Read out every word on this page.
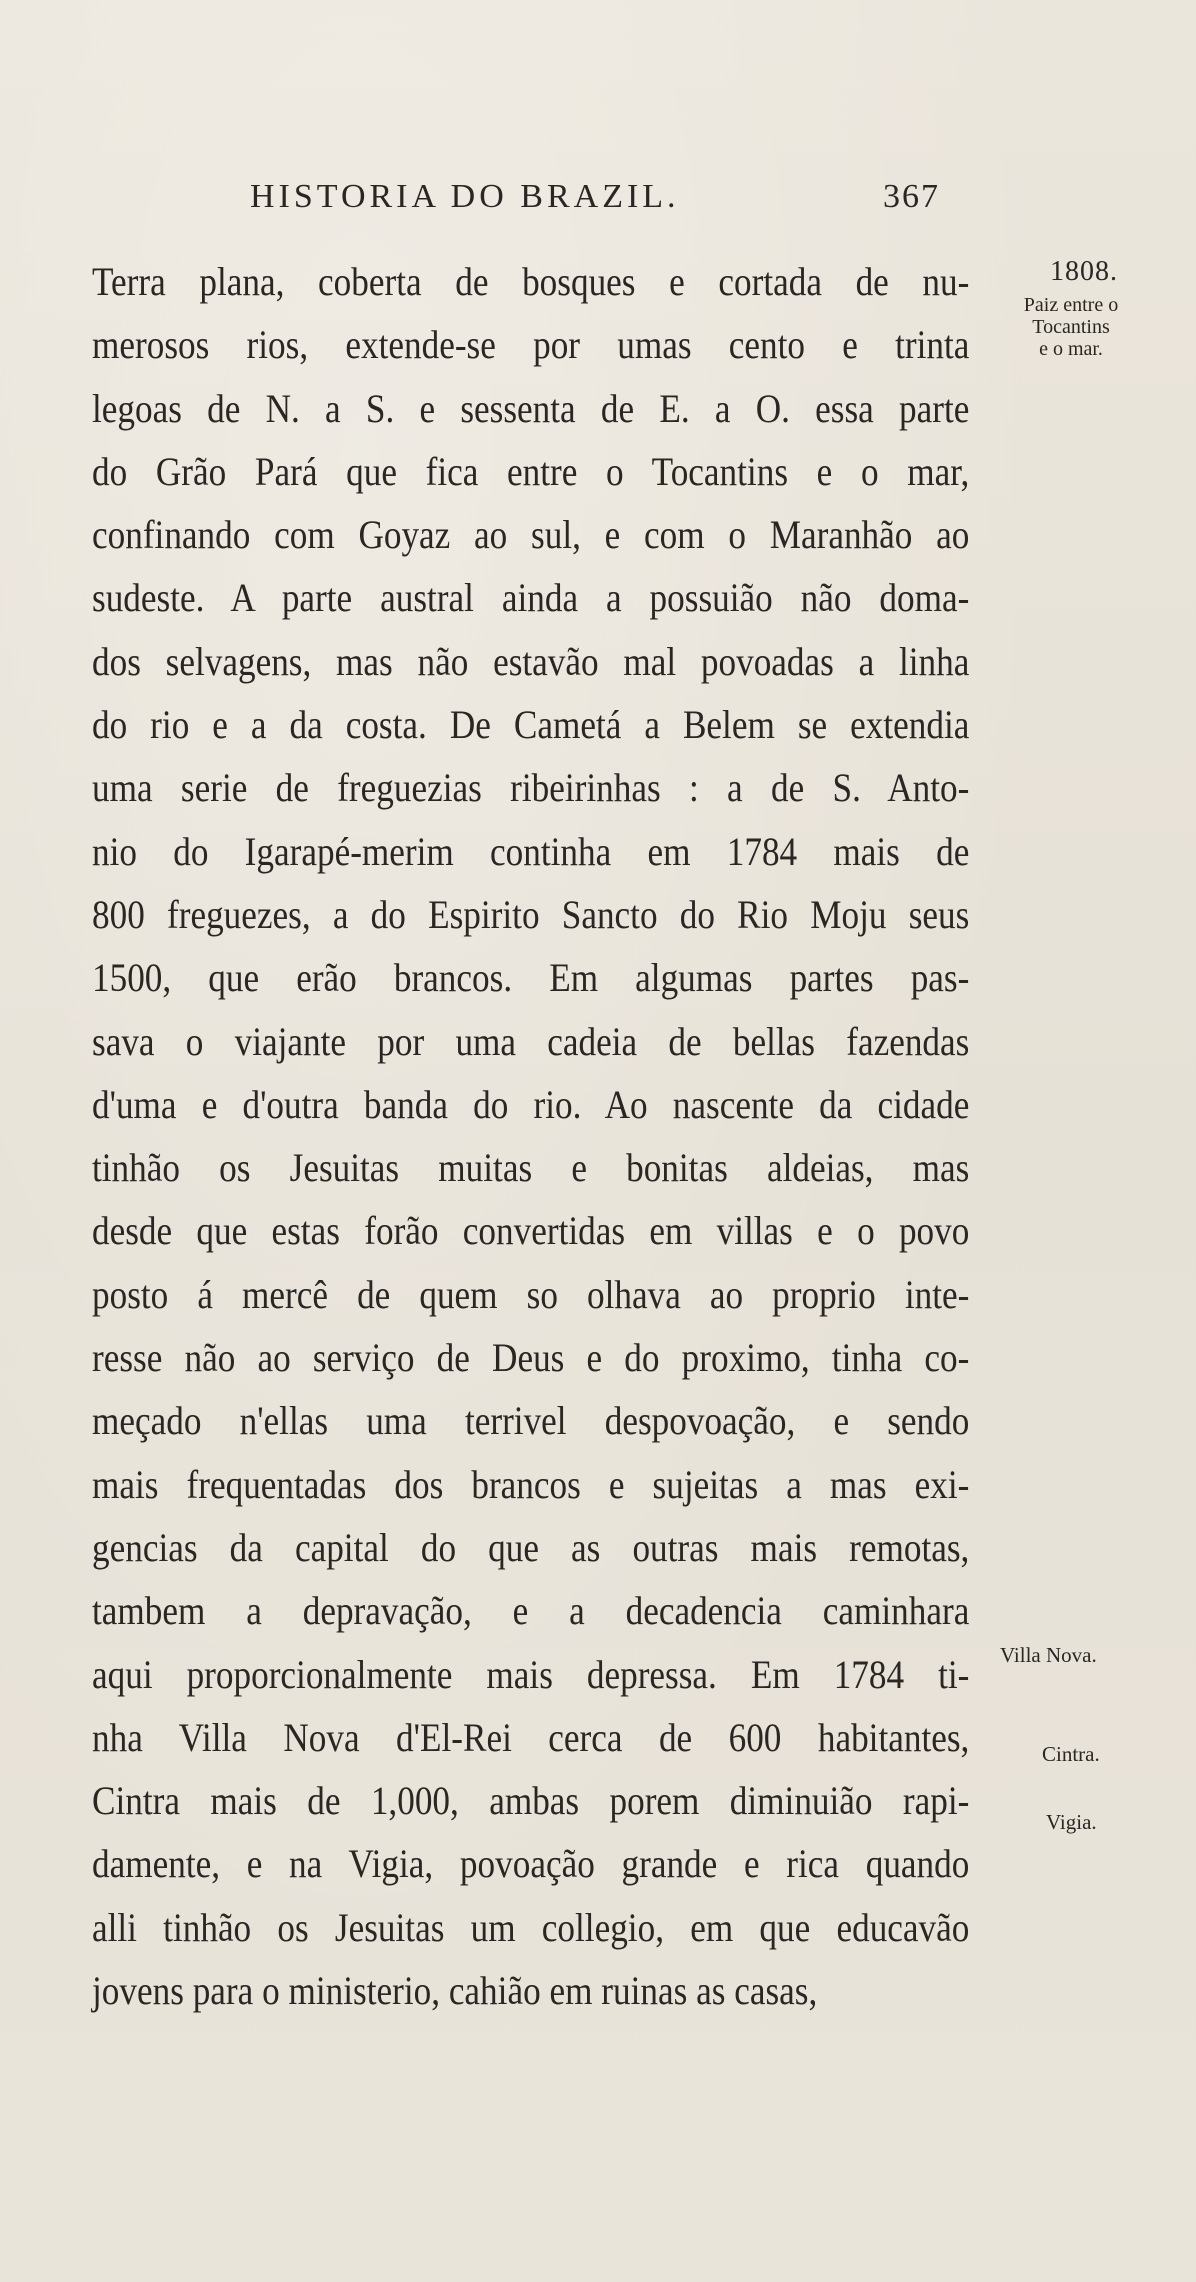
HISTORIA DO BRAZIL.	367
Terra plana, coberta de bosques e cortada de nu-
merosos rios, extende-se por umas cento e trinta
legoas de N. a S. e sessenta de E. a O. essa parte
do Grão Pará que fica entre o Tocantins e o mar,
confinando com Goyaz ao sul, e com o Maranhão ao
sudeste. A parte austral ainda a possuião não doma-
dos selvagens, mas não estavão mal povoadas a linha
do rio e a da costa. De Cametá a Belem se extendia
uma serie de freguezias ribeirinhas : a de S. Anto-
nio do Igarapé-merim continha em 1784 mais de
800 freguezes, a do Espirito Sancto do Rio Moju seus
1500, que erão brancos. Em algumas partes pas-
sava o viajante por uma cadeia de bellas fazendas
d'uma e d'outra banda do rio. Ao nascente da cidade
tinhão os Jesuitas muitas e bonitas aldeias, mas
desde que estas forão convertidas em villas e o povo
posto á mercê de quem so olhava ao proprio inte-
resse não ao serviço de Deus e do proximo, tinha co-
meçado n'ellas uma terrivel despovoação, e sendo
mais frequentadas dos brancos e sujeitas a mas exi-
gencias da capital do que as outras mais remotas,
tambem a depravação, e a decadencia caminhara
aqui proporcionalmente mais depressa. Em 1784 ti-
nha Villa Nova d'El-Rei cerca de 600 habitantes,
Cintra mais de 1,000, ambas porem diminuião rapi-
damente, e na Vigia, povoação grande e rica quando
alli tinhão os Jesuitas um collegio, em que educavão
jovens para o ministerio, cahião em ruinas as casas,
1808.
Paiz entre o
Tocantins
e o mar.
Villa Nova.
Cintra.
Vigia.
